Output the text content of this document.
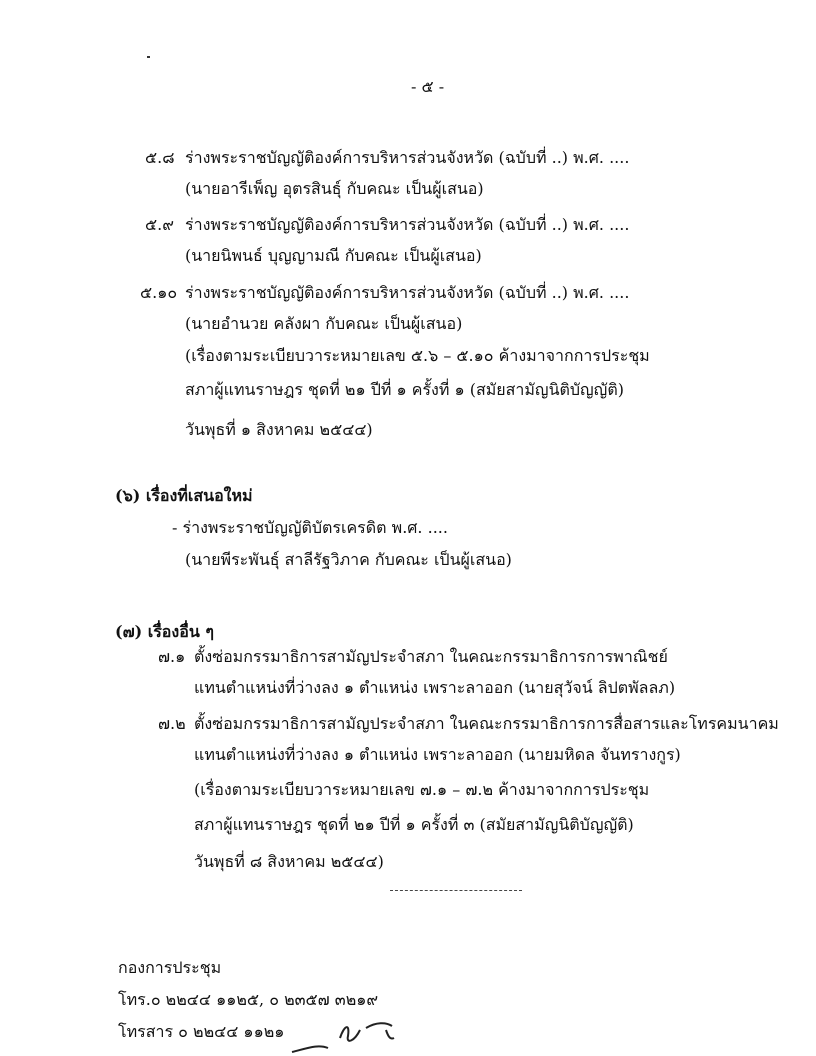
- ๕ -
๕.๘ ร่างพระราชบัญญัติองค์การบริหารส่วนจังหวัด (ฉบับที่ ..) พ.ศ. ....
(นายอารีเพ็ญ อุตรสินธุ์ กับคณะ เป็นผู้เสนอ)
๕.๙ ร่างพระราชบัญญัติองค์การบริหารส่วนจังหวัด (ฉบับที่ ..) พ.ศ. ....
(นายนิพนธ์ บุญญามณี กับคณะ เป็นผู้เสนอ)
๕.๑๐ ร่างพระราชบัญญัติองค์การบริหารส่วนจังหวัด (ฉบับที่ ..) พ.ศ. ....
(นายอำนวย คลังผา กับคณะ เป็นผู้เสนอ)
(เรื่องตามระเบียบวาระหมายเลข ๕.๖ – ๕.๑๐ ค้างมาจากการประชุม
สภาผู้แทนราษฎร ชุดที่ ๒๑ ปีที่ ๑ ครั้งที่ ๑ (สมัยสามัญนิติบัญญัติ)
วันพุธที่ ๑ สิงหาคม ๒๕๔๔)
(๖) เรื่องที่เสนอใหม่
- ร่างพระราชบัญญัติบัตรเครดิต พ.ศ. ....
(นายพีระพันธุ์ สาลีรัฐวิภาค กับคณะ เป็นผู้เสนอ)
(๗) เรื่องอื่น ๆ
๗.๑ ตั้งซ่อมกรรมาธิการสามัญประจำสภา ในคณะกรรมาธิการการพาณิชย์
แทนตำแหน่งที่ว่างลง ๑ ตำแหน่ง เพราะลาออก (นายสุวัจน์ ลิปตพัลลภ)
๗.๒ ตั้งซ่อมกรรมาธิการสามัญประจำสภา ในคณะกรรมาธิการการสื่อสารและโทรคมนาคม
แทนตำแหน่งที่ว่างลง ๑ ตำแหน่ง เพราะลาออก (นายมหิดล จันทรางกูร)
(เรื่องตามระเบียบวาระหมายเลข ๗.๑ – ๗.๒ ค้างมาจากการประชุม
สภาผู้แทนราษฎร ชุดที่ ๒๑ ปีที่ ๑ ครั้งที่ ๓ (สมัยสามัญนิติบัญญัติ)
วันพุธที่ ๘ สิงหาคม ๒๕๔๔)
กองการประชุม
โทร.๐ ๒๒๔๔ ๑๑๒๕, ๐ ๒๓๕๗ ๓๒๑๙
โทรสาร ๐ ๒๒๔๔ ๑๑๒๑
